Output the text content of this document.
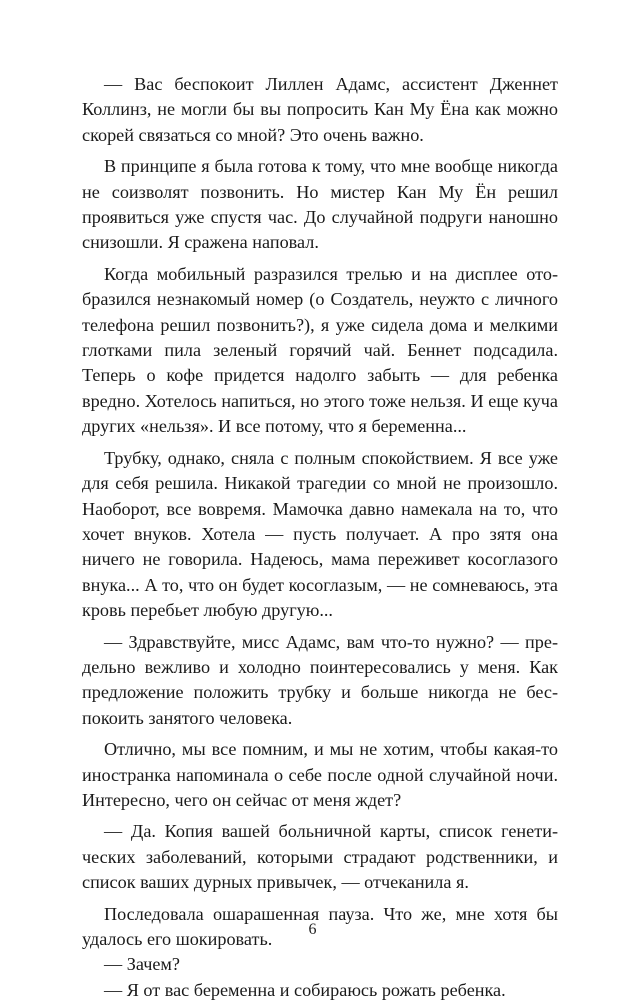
— Вас беспокоит Лиллен Адамс, ассистент Дженнет Коллинз, не могли бы вы попросить Кан Му Ёна как можно скорей связаться со мной? Это очень важно.

В принципе я была готова к тому, что мне вообще никогда не соизволят позвонить. Но мистер Кан Му Ён решил проявиться уже спустя час. До случайной подруги наношно снизошли. Я сражена наповал.

Когда мобильный разразился трелью и на дисплее отобразился незнакомый номер (о Создатель, неужто с личного телефона решил позвонить?), я уже сидела дома и мелкими глотками пила зеленый горячий чай. Беннет подсадила. Теперь о кофе придется надолго забыть — для ребенка вредно. Хотелось напиться, но этого тоже нельзя. И еще куча других «нельзя». И все потому, что я беременна...

Трубку, однако, сняла с полным спокойствием. Я все уже для себя решила. Никакой трагедии со мной не произошло. Наоборот, все вовремя. Мамочка давно намекала на то, что хочет внуков. Хотела — пусть получает. А про зятя она ничего не говорила. Надеюсь, мама переживет косоглазого внука... А то, что он будет косоглазым, — не сомневаюсь, эта кровь перебьет любую другую...

— Здравствуйте, мисс Адамс, вам что-то нужно? — предельно вежливо и холодно поинтересовались у меня. Как предложение положить трубку и больше никогда не беспокоить занятого человека.

Отлично, мы все помним, и мы не хотим, чтобы какая-то иностранка напоминала о себе после одной случайной ночи. Интересно, чего он сейчас от меня ждет?

— Да. Копия вашей больничной карты, список генетических заболеваний, которыми страдают родственники, и список ваших дурных привычек, — отчеканила я.

Последовала ошарашенная пауза. Что же, мне хотя бы удалось его шокировать.

— Зачем?

— Я от вас беременна и собираюсь рожать ребенка.

6
